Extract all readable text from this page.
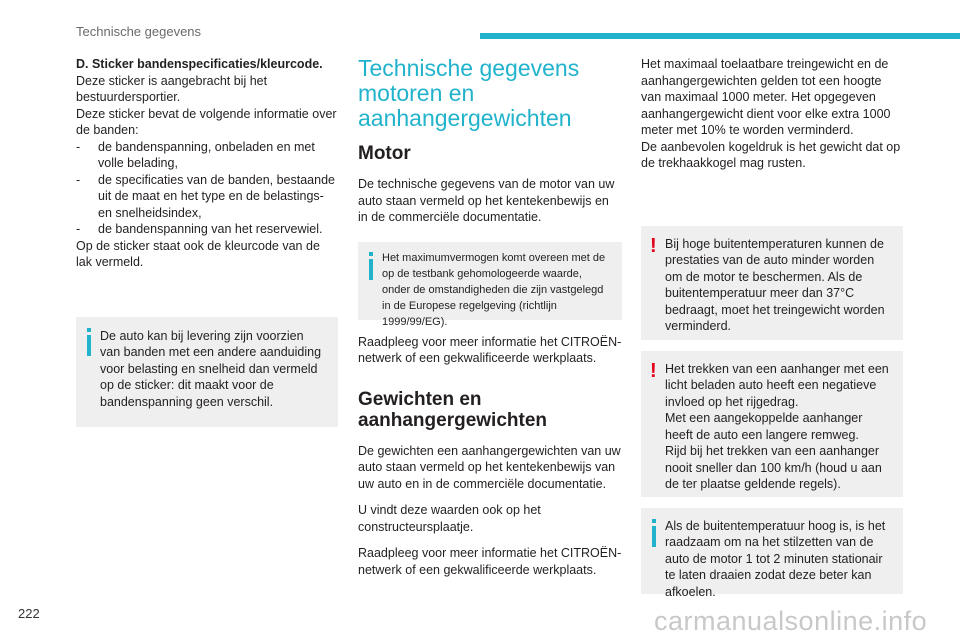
Technische gegevens

D. Sticker bandenspecificaties/kleurcode.

Deze sticker is aangebracht bij het bestuurdersportier.

Deze sticker bevat de volgende informatie over de banden:

- de bandenspanning, onbeladen en met volle belading,
- de specificaties van de banden, bestaande uit de maat en het type en de belastings- en snelheidsindex,
- de bandenspanning van het reservewiel.

Op de sticker staat ook de kleurcode van de lak vermeld.

De auto kan bij levering zijn voorzien van banden met een andere aanduiding voor belasting en snelheid dan vermeld op de sticker: dit maakt voor de bandenspanning geen verschil.

Technische gegevens motoren en aanhangergewichten
Motor

De technische gegevens van de motor van uw auto staan vermeld op het kentekenbewijs en in de commerciële documentatie.

Het maximumvermogen komt overeen met de op de testbank gehomologeerde waarde, onder de omstandigheden die zijn vastgelegd in de Europese regelgeving (richtlijn 1999/99/EG).

Raadpleeg voor meer informatie het CITROËN-netwerk of een gekwalificeerde werkplaats.

Gewichten en aanhangergewichten

De gewichten een aanhangergewichten van uw auto staan vermeld op het kentekenbewijs van uw auto en in de commerciële documentatie.

U vindt deze waarden ook op het constructeursplaatje.

Raadpleeg voor meer informatie het CITROËN-netwerk of een gekwalificeerde werkplaats.

Het maximaal toelaatbare treingewicht en de aanhangergewichten gelden tot een hoogte van maximaal 1000 meter. Het opgegeven aanhangergewicht dient voor elke extra 1000 meter met 10% te worden verminderd.

De aanbevolen kogeldruk is het gewicht dat op de trekhaakkogel mag rusten.

! Bij hoge buitentemperaturen kunnen de prestaties van de auto minder worden om de motor te beschermen. Als de buitentemperatuur meer dan 37°C bedraagt, moet het treingewicht worden verminderd.

! Het trekken van een aanhanger met een licht beladen auto heeft een negatieve invloed op het rijgedrag.

Met een aangekoppelde aanhanger heeft de auto een langere remweg.

Rijd bij het trekken van een aanhanger nooit sneller dan 100 km/h (houd u aan de ter plaatse geldende regels).

Als de buitentemperatuur hoog is, is het raadzaam om na het stilzetten van de auto de motor 1 tot 2 minuten stationair te laten draaien zodat deze beter kan afkoelen.

222	carmanualsonline.info
